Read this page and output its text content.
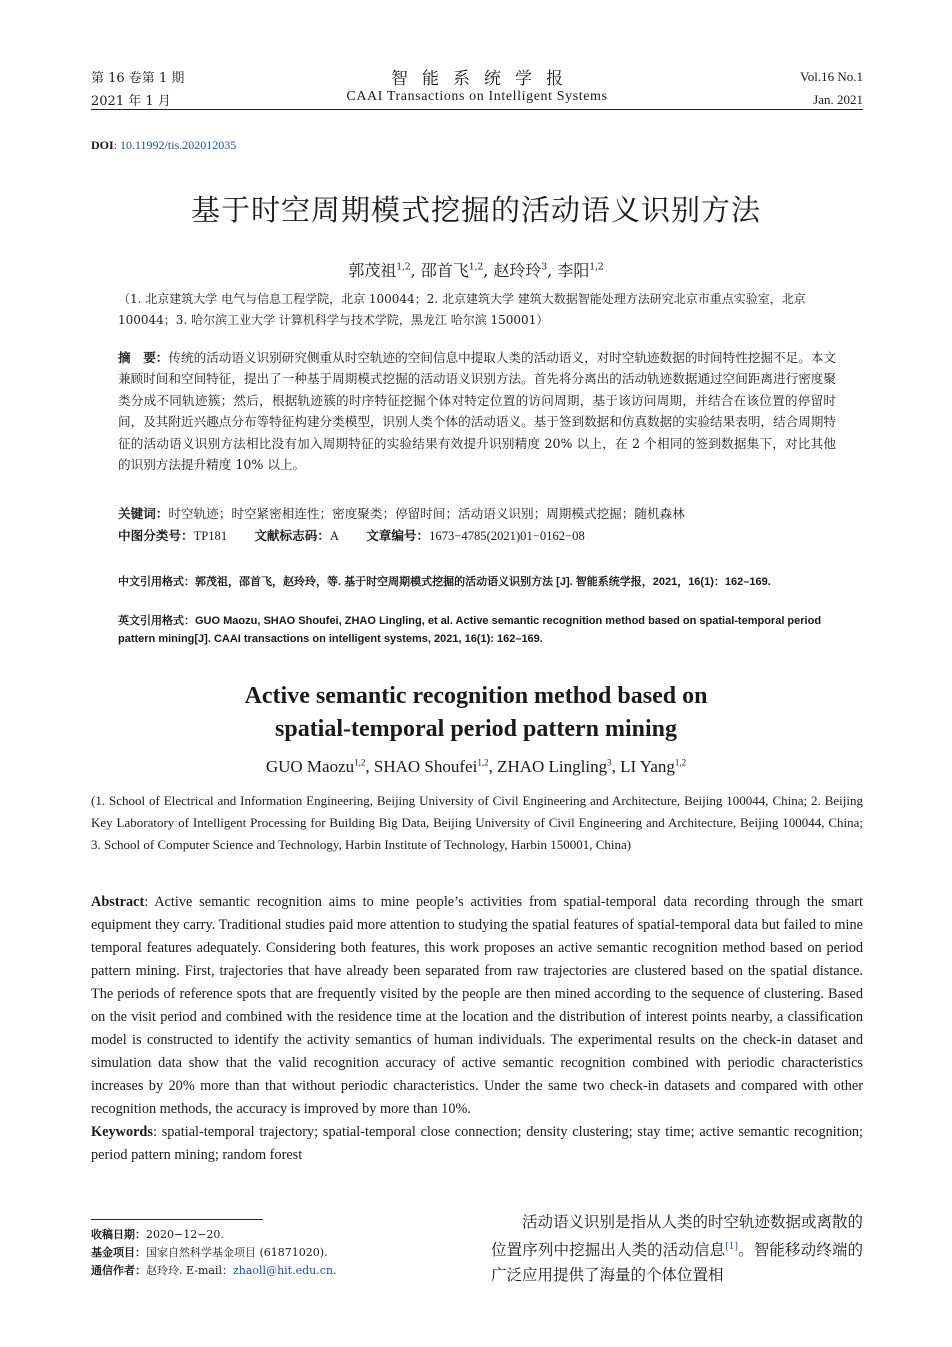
第 16 卷第 1 期
2021 年 1 月
智能系统学报
CAAI Transactions on Intelligent Systems
Vol.16 No.1
Jan. 2021
DOI: 10.11992/tis.202012035
基于时空周期模式挖掘的活动语义识别方法
郭茂祖$^{1,2}$, 邵首飞$^{1,2}$, 赵玲玲$^3$, 李阳$^{1,2}$
（1. 北京建筑大学 电气与信息工程学院，北京 100044；2. 北京建筑大学 建筑大数据智能处理方法研究北京市重点实验室，北京 100044；3. 哈尔滨工业大学 计算机科学与技术学院，黑龙江 哈尔滨 150001）
摘　要：传统的活动语义识别研究侧重从时空轨迹的空间信息中提取人类的活动语义，对时空轨迹数据的时间特性挖掘不足。本文兼顾时间和空间特征，提出了一种基于周期模式挖掘的活动语义识别方法。首先将分离出的活动轨迹数据通过空间距离进行密度聚类分成不同轨迹簇；然后，根据轨迹簇的时序特征挖掘个体对特定位置的访问周期，基于该访问周期，并结合在该位置的停留时间，及其附近兴趣点分布等特征构建分类模型，识别人类个体的活动语义。基于签到数据和仿真数据的实验结果表明，结合周期特征的活动语义识别方法相比没有加入周期特征的实验结果有效提升识别精度 20% 以上，在 2 个相同的签到数据集下，对比其他的识别方法提升精度 10% 以上。
关键词：时空轨迹；时空紧密相连性；密度聚类；停留时间；活动语义识别；周期模式挖掘；随机森林
中图分类号：TP181 文献标志码：A 文章编号：1673−4785(2021)01−0162−08
中文引用格式：郭茂祖，邵首飞，赵玲玲，等. 基于时空周期模式挖掘的活动语义识别方法 [J]. 智能系统学报，2021，16(1)：162–169.
英文引用格式：GUO Maozu, SHAO Shoufei, ZHAO Lingling, et al. Active semantic recognition method based on spatial-temporal period pattern mining[J]. CAAI transactions on intelligent systems, 2021, 16(1): 162–169.
Active semantic recognition method based on
spatial-temporal period pattern mining
GUO Maozu$^{1,2}$, SHAO Shoufei$^{1,2}$, ZHAO Lingling$^3$, LI Yang$^{1,2}$
(1. School of Electrical and Information Engineering, Beijing University of Civil Engineering and Architecture, Beijing 100044, China; 2. Beijing Key Laboratory of Intelligent Processing for Building Big Data, Beijing University of Civil Engineering and Architecture, Beijing 100044, China; 3. School of Computer Science and Technology, Harbin Institute of Technology, Harbin 150001, China)
Abstract: Active semantic recognition aims to mine people’s activities from spatial-temporal data recording through the smart equipment they carry. Traditional studies paid more attention to studying the spatial features of spatial-temporal data but failed to mine temporal features adequately. Considering both features, this work proposes an active semantic recognition method based on period pattern mining. First, trajectories that have already been separated from raw trajectories are clustered based on the spatial distance. The periods of reference spots that are frequently visited by the people are then mined according to the sequence of clustering. Based on the visit period and combined with the residence time at the location and the distribution of interest points nearby, a classification model is constructed to identify the activity semantics of human individuals. The experimental results on the check-in dataset and simulation data show that the valid recognition accuracy of active semantic recognition combined with periodic characteristics increases by 20% more than that without periodic characteristics. Under the same two check-in datasets and compared with other recognition methods, the accuracy is improved by more than 10%.
Keywords: spatial-temporal trajectory; spatial-temporal close connection; density clustering; stay time; active semantic recognition; period pattern mining; random forest
收稿日期：2020−12−20.
基金项目：国家自然科学基金项目 (61871020).
通信作者：赵玲玲. E-mail：zhaoll@hit.edu.cn.
活动语义识别是指从人类的时空轨迹数据或离散的位置序列中挖掘出人类的活动信息[1]。智能移动终端的广泛应用提供了海量的个体位置相
